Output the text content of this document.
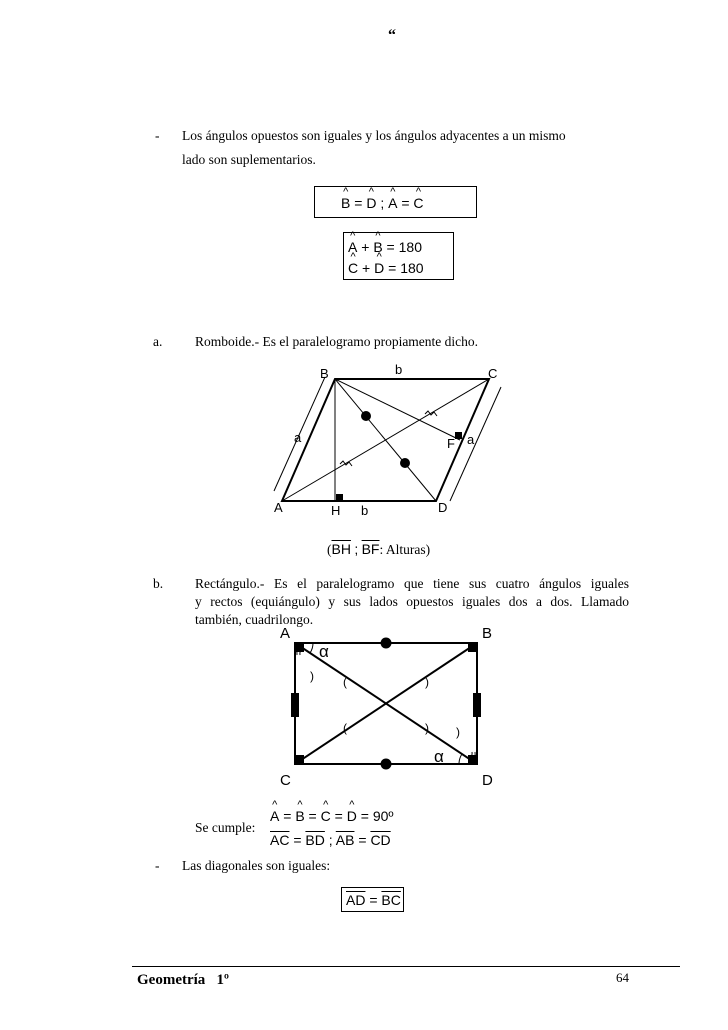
“
- Los ángulos opuestos son iguales y los ángulos adyacentes a un mismo
lado son suplementarios.
^ B = ^ D ; ^ A = ^ C
^ A + ^ B = 180
^ C + ^ D = 180
a. Romboide.- Es el paralelogramo propiamente dicho.
B	b	C
a	F a
A	H b	D
($\overline{BH}$ ; $\overline{BF}$: Alturas)
b. Rectángulo.- Es el paralelogramo que tiene sus cuatro ángulos iguales
y rectos (equiángulo) y sus lados opuestos iguales dos a dos. Llamado
también, cuadrilongo.
) (	)
(	) )
A	B
C	D
α
α
Se cumple:
^ A = ^ B = ^ C = ^ D = 90º
$\overline{AC} = \overline{BD}$ ; $\overline{AB} = \overline{CD}$
- Las diagonales son iguales:
$\overline{AD} = \overline{BC}$
Geometría   1º	64
